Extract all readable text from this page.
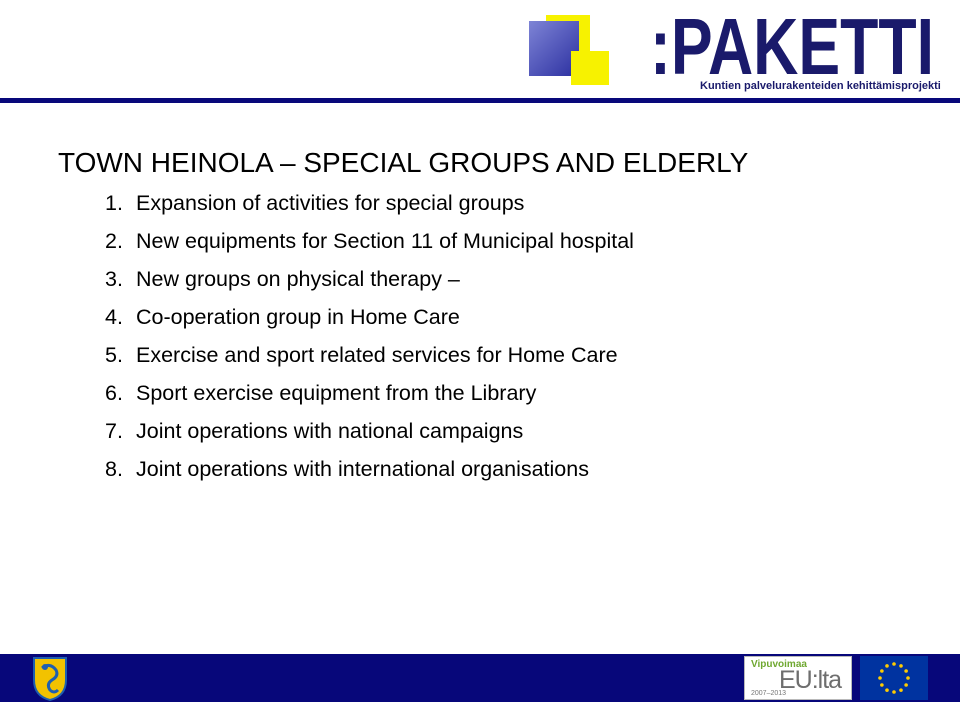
:PAKETTI
Kuntien palvelurakenteiden kehittämisprojekti
TOWN HEINOLA – SPECIAL GROUPS AND ELDERLY
1. Expansion of activities for special groups
2. New equipments for Section 11 of Municipal hospital
3. New groups on physical therapy –
4. Co-operation group in Home Care
5. Exercise and sport related services for Home Care
6. Sport exercise equipment from the Library
7. Joint operations with national campaigns
8. Joint operations with international organisations
Vipuvoimaa
EU:lta
2007–2013
